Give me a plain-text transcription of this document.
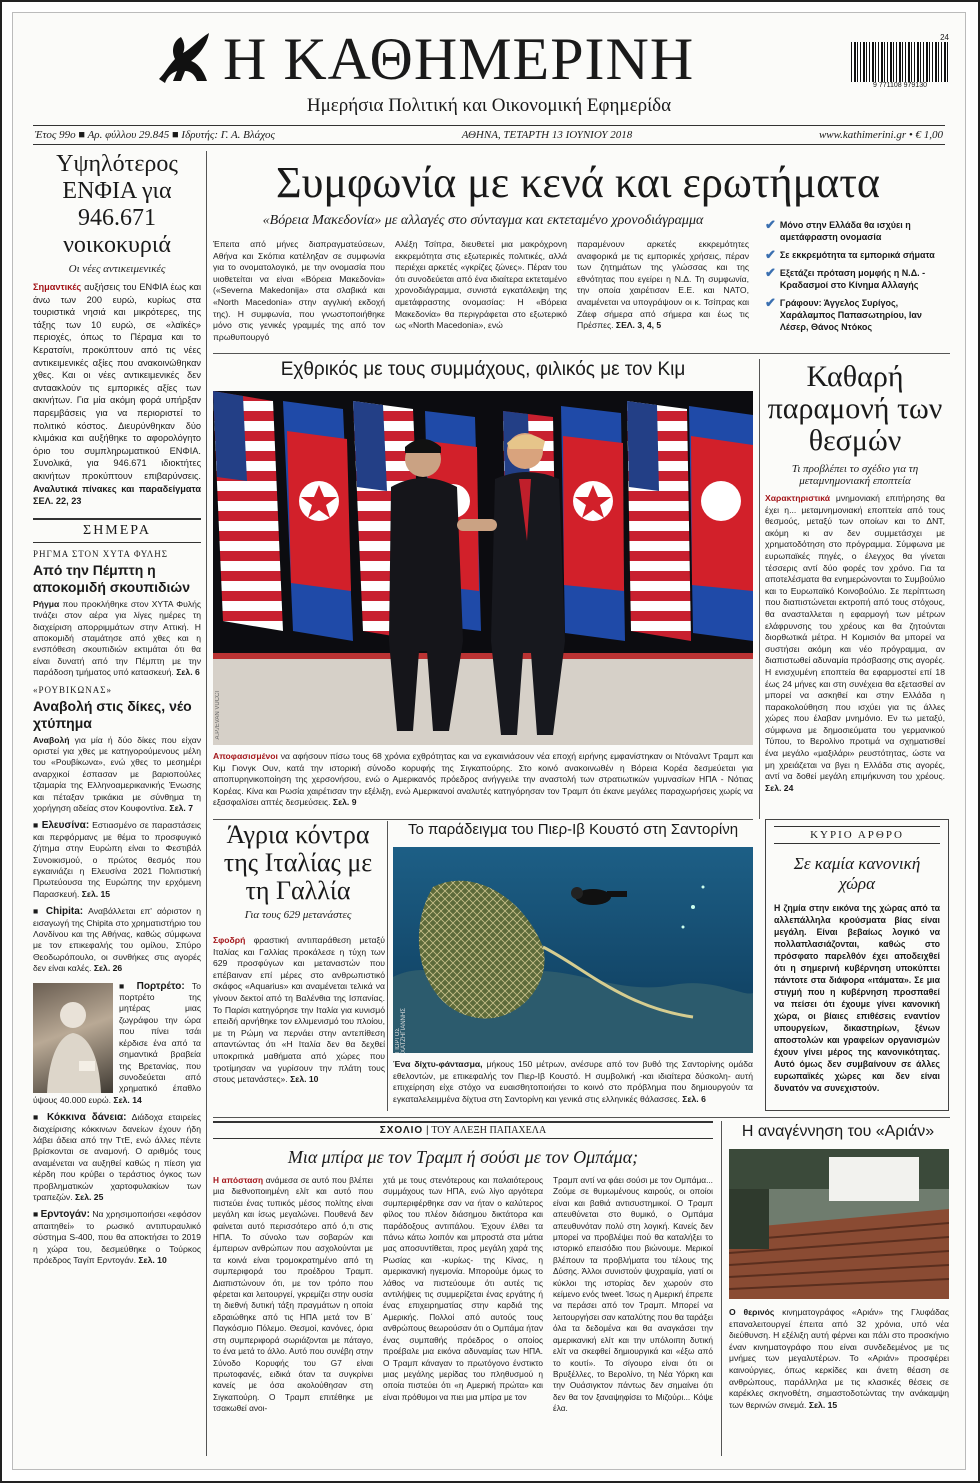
Η ΚΑΘΗΜΕΡΙΝΗ
Ημερήσια Πολιτική και Οικονομική Εφημερίδα
24
9 771108 979130
Έτος 99ο ■ Αρ. φύλλου 29.845 ■ Ιδρυτής: Γ. Α. Βλάχος	ΑΘΗΝΑ, ΤΕΤΑΡΤΗ 13 ΙΟΥΝΙΟΥ 2018	www.kathimerini.gr • € 1,00
Υψηλότερος ΕΝΦΙΑ για 946.671 νοικοκυριά
Οι νέες αντικειμενικές
Σημαντικές αυξήσεις του ΕΝΦΙΑ έως και άνω των 200 ευρώ, κυρίως στα τουριστικά νησιά και μικρότερες, της τάξης των 10 ευρώ, σε «λαϊκές» περιοχές, όπως το Πέραμα και το Κερατσίνι, προκύπτουν από τις νέες αντικειμενικές αξίες που ανακοινώθηκαν χθες. Και οι νέες αντικειμενικές δεν ανταακλούν τις εμπορικές αξίες των ακινήτων. Για μία ακόμη φορά υπήρξαν παρεμβάσεις για να περιοριστεί το πολιτικό κόστος. Διευρύνθηκαν δύο κλιμάκια και αυξήθηκε το αφορολόγητο όριο του συμπληρωματικού ΕΝΦΙΑ. Συνολικά, για 946.671 ιδιοκτήτες ακινήτων προκύπτουν επιβαρύνσεις. Αναλυτικά πίνακες και παραδείγματα ΣΕΛ. 22, 23
ΣΗΜΕΡΑ
ΡΗΓΜΑ ΣΤΟΝ ΧΥΤΑ ΦΥΛΗΣ
Από την Πέμπτη η αποκομιδή σκουπιδιών
Ρήγμα που προκλήθηκε στον ΧΥΤΑ Φυλής τινάζει στον αέρα για λίγες ημέρες τη διαχείριση απορριμμάτων στην Αττική. Η αποκομιδή σταμάτησε από χθες και η ενσπόθεση σκουπιδιών εκτιμάται ότι θα είναι δυνατή από την Πέμπτη με την παράδοση τμήματος υπό κατασκευή. Σελ. 6
«ΡΟΥΒΙΚΩΝΑΣ»
Αναβολή στις δίκες, νέο χτύπημα
Αναβολή για μία ή δύο δίκες που είχαν οριστεί για χθες με κατηγορούμενους μέλη του «Ρουβίκωνα», ενώ χθες το μεσημέρι αναρχικοί έσπασαν με βαριοπούλες τζαμαρία της Ελληνοαμερικανικής Ένωσης και πέταξαν τρικάκια με σύνθημα τη χορήγηση αδείας στον Κουφοντίνα. Σελ. 7
■ Ελευσίνα: Εστιασμένο σε παραστάσεις και περφόρμανς με θέμα το προσφυγικό ζήτημα στην Ευρώπη είναι το Φεστιβάλ Συνοικισμού, ο πρώτος θεσμός που εγκαινιάζει η Ελευσίνα 2021 Πολιτιστική Πρωτεύουσα της Ευρώπης την ερχόμενη Παρασκευή. Σελ. 15
■ Chipita: Αναβάλλεται επ' αόριστον η εισαγωγή της Chipita στο χρηματιστήριο του Λονδίνου και της Αθήνας, καθώς σύμφωνα με τον επικεφαλής του ομίλου, Σπύρο Θεοδωρόπουλο, οι συνθήκες στις αγορές δεν είναι καλές. Σελ. 26
■ Πορτρέτο: Το πορτρέτο της μητέρας μιας ζωγράφου την ώρα που πίνει τσάι κέρδισε ένα από τα σημαντικά βραβεία της Βρετανίας, που συνοδεύεται από χρηματικό έπαθλο ύψους 40.000 ευρώ. Σελ. 14
■ Κόκκινα δάνεια: Διάδοχα εταιρείες διαχείρισης κόκκινων δανείων έχουν ήδη λάβει άδεια από την ΤτΕ, ενώ άλλες πέντε βρίσκονται σε αναμονή. Ο αριθμός τους αναμένεται να αυξηθεί καθώς η πίεση για κέρδη που κρύβει ο τεράστιος όγκος των προβληματικών χαρτοφυλακίων των τραπεζών. Σελ. 25
■ Ερντογάν: Να χρησιμοποιήσει «εφόσον απαιτηθεί» το ρωσικό αντιπυραυλικό σύστημα S-400, που θα αποκτήσει το 2019 η χώρα του, δεσμεύθηκε ο Τούρκος πρόεδρος Ταγίπ Ερντογάν. Σελ. 10
Συμφωνία με κενά και ερωτήματα
«Βόρεια Μακεδονία» με αλλαγές στο σύνταγμα και εκτεταμένο χρονοδιάγραμμα
Έπειτα από μήνες διαπραγματεύσεων, Αθήνα και Σκόπια κατέληξαν σε συμφωνία για το ονοματολογικό, με την ονομασία που υιοθετείται να είναι «Βόρεια Μακεδονία» («Severna Makedonija» στα σλαβικά και «North Macedonia» στην αγγλική εκδοχή της). Η συμφωνία, που γνωστοποιήθηκε μόνο στις γενικές γραμμές της από τον πρωθυπουργό
Αλέξη Τσίπρα, διευθετεί μια μακρόχρονη εκκρεμότητα στις εξωτερικές πολιτικές, αλλά περιέχει αρκετές «γκρίζες ζώνες». Πέραν του ότι συνοδεύεται από ένα ιδιαίτερα εκτεταμένο χρονοδιάγραμμα, συνιστά εγκατάλειψη της αμετάφραστης ονομασίας: Η «Βόρεια Μακεδονία» θα περιγράφεται στο εξωτερικό ως «North Macedonia», ενώ
παραμένουν αρκετές εκκρεμότητες αναφορικά με τις εμπορικές χρήσεις, πέραν των ζητημάτων της γλώσσας και της εθνότητας που εγείρει η Ν.Δ. Τη συμφωνία, την οποία χαιρέτισαν Ε.Ε. και ΝΑΤΟ, αναμένεται να υπογράψουν οι κ. Τσίπρας και Ζάεφ σήμερα από σήμερα και έως τις Πρέσπες. ΣΕΛ. 3, 4, 5
✔ Μόνο στην Ελλάδα θα ισχύει η αμετάφραστη ονομασία
✔ Σε εκκρεμότητα τα εμπορικά σήματα
✔ Εξετάζει πρόταση μομφής η Ν.Δ. - Κραδασμοί στο Κίνημα Αλλαγής
✔ Γράφουν: Άγγελος Συρίγος, Χαράλαμπος Παπασωτηρίου, Ιαν Λέσερ, Θάνος Ντόκος
Εχθρικός με τους συμμάχους, φιλικός με τον Κιμ
A.P./EVAN VUCCI
Αποφασισμένοι να αφήσουν πίσω τους 68 χρόνια εχθρότητας και να εγκαινιάσουν νέα εποχή ειρήνης εμφανίστηκαν οι Ντόναλντ Τραμπ και Κιμ Γιονγκ Ουν, κατά την ιστορική σύνοδο κορυφής της Σιγκαπούρης. Στο κοινό ανακοινωθέν η Βόρεια Κορέα δεσμεύεται για αποπυρηνικοποίηση της χερσονήσου, ενώ ο Αμερικανός πρόεδρος ανήγγειλε την αναστολή των στρατιωτικών γυμνασίων ΗΠΑ - Νότιας Κορέας. Κίνα και Ρωσία χαιρέτισαν την εξέλιξη, ενώ Αμερικανοί αναλυτές κατηγόρησαν τον Τραμπ ότι έκανε μεγάλες παραχωρήσεις χωρίς να εξασφαλίσει απτές δεσμεύσεις. Σελ. 9
Καθαρή παραμονή των θεσμών
Τι προβλέπει το σχέδιο για τη μεταμνημονιακή εποπτεία
Χαρακτηριστικά μνημονιακή επιτήρησης θα έχει η... μεταμνημονιακή εποπτεία από τους θεσμούς, μεταξύ των οποίων και το ΔΝΤ, ακόμη κι αν δεν συμμετάσχει με χρηματοδότηση στο πρόγραμμα. Σύμφωνα με ευρωπαϊκές πηγές, ο έλεγχος θα γίνεται τέσσερις αντί δύο φορές τον χρόνο. Για τα αποτελέσματα θα ενημερώνονται το Συμβούλιο και το Ευρωπαϊκό Κοινοβούλιο. Σε περίπτωση που διαπιστώνεται εκτροπή από τους στόχους, θα ανασταλλεται η εφαρμογή των μέτρων ελάφρυνσης του χρέους και θα ζητούνται διορθωτικά μέτρα. Η Κομισιόν θα μπορεί να συστήσει ακόμη και νέο πρόγραμμα, αν διαπιστωθεί αδυναμία πρόσβασης στις αγορές. Η ενισχυμένη εποπτεία θα εφαρμοστεί επί 18 έως 24 μήνες και στη συνέχεια θα εξετασθεί αν μπορεί να ασκηθεί και στην Ελλάδα η παρακολούθηση που ισχύει για τις άλλες χώρες που έλαβαν μνημόνιο. Εν τω μεταξύ, σύμφωνα με δημοσιεύματα του γερμανικού Τύπου, το Βερολίνο προτιμά να σχηματισθεί ένα μεγάλο «μαξιλάρι» ρευστότητας, ώστε να μη χρειάζεται να βγει η Ελλάδα στις αγορές, αντί να δοθεί μεγάλη επιμήκυνση του χρέους. Σελ. 24
Άγρια κόντρα της Ιταλίας με τη Γαλλία
Για τους 629 μετανάστες
Σφοδρή φραστική αντιπαράθεση μεταξύ Ιταλίας και Γαλλίας προκάλεσε η τύχη των 629 προσφύγων και μεταναστών που επέβαιναν επί μέρες στο ανθρωπιστικό σκάφος «Aquarius» και αναμένεται τελικά να γίνουν δεκτοί από τη Βαλένθια της Ισπανίας. Το Παρίσι κατηγόρησε την Ιταλία για κυνισμό επειδή αρνήθηκε τον ελλιμενισμό του πλοίου, με τη Ρώμη να περνάει στην αντεπίθεση απαντώντας ότι «Η Ιταλία δεν θα δεχθεί υποκριτικά μαθήματα από χώρες που τροτίμησαν να γυρίσουν την πλάτη τους στους μετανάστες». Σελ. 10
Το παράδειγμα του Πιερ-Ιβ Κουστό στη Σαντορίνη
ΓΙΩΡΓΟΣ ΧΑΤΖΗΓΙΑΝΝΗΣ
Ένα δίχτυ-φάντασμα, μήκους 150 μέτρων, ανέσυρε από τον βυθό της Σαντορίνης ομάδα εθελοντών, με επικεφαλής τον Πιερ-Ιβ Κουστό. Η συμβολική -και ιδιαίτερα δύσκολη- αυτή επιχείρηση είχε στόχο να ευαισθητοποιήσει το κοινό στο πρόβλημα που δημιουργούν τα εγκαταλελειμμένα δίχτυα στη Σαντορίνη και γενικά στις ελληνικές θάλασσες. Σελ. 6
ΚΥΡΙΟ ΑΡΘΡΟ
Σε καμία κανονική χώρα
Η ζημία στην εικόνα της χώρας από τα αλλεπάλληλα κρούσματα βίας είναι μεγάλη. Είναι βεβαίως λογικό να πολλαπλασιάζονται, καθώς στο πρόσφατο παρελθόν έχει αποδειχθεί ότι η σημερινή κυβέρνηση υποκύπτει πάντοτε στα διάφορα «ιτάματα». Σε μια στιγμή που η κυβέρνηση προσπαθεί να πείσει ότι έχουμε γίνει κανονική χώρα, οι βίαιες επιθέσεις εναντίον υπουργείων, δικαστηρίων, ξένων αποστολών και γραφείων οργανισμών έχουν γίνει μέρος της κανονικότητας. Αυτό όμως δεν συμβαίνουν σε άλλες ευρωπαϊκές χώρες και δεν είναι δυνατόν να συνεχιστούν.
ΣΧΟΛΙΟ | ΤΟΥ ΑΛΕΞΗ ΠΑΠΑΧΕΛΑ
Μια μπίρα με τον Τραμπ ή σούσι με τον Ομπάμα;
Η απόσταση ανάμεσα σε αυτό που βλέπει μια διεθνοποιημένη ελίτ και αυτό που πιστεύει ένας τυπικός μέσος πολίτης είναι μεγάλη και ίσως μεγαλώνει. Πουθενά δεν φαίνεται αυτό περισσότερο από ό,τι στις ΗΠΑ. Το σύνολο των σοβαρών και έμπειρων ανθρώπων που ασχολούνται με τα κοινά είναι τρομοκρατημένο από τη συμπεριφορά του προέδρου Τραμπ. Διαπιστώνουν ότι, με τον τρόπο που φέρεται και λειτουργεί, γκρεμίζει στην ουσία τη διεθνή δυτική τάξη πραγμάτων η οποία εδραιώθηκε από τις ΗΠΑ μετά τον Β΄ Παγκόσμιο Πόλεμο. Θεσμοί, κανόνες, όρια στη συμπεριφορά σωριάζονται με πάταγο, το ένα μετά το άλλο. Αυτό που συνέβη στην Σύνοδο Κορυφής του G7 είναι πρωτοφανές, ειδικά όταν τα συγκρίνει κανείς με όσα ακολούθησαν στη Σιγκαπούρη. Ο Τραμπ επιτέθηκε με τσακωθεί ανοι-
χτά με τους στενότερους και παλαιότερους συμμάχους των ΗΠΑ, ενώ λίγο αργότερα συμπεριφέρθηκε σαν να ήταν ο καλύτερος φίλος του πλέον διάσημου δικτάτορα και παράδοξους αντιπάλου. Έχουν έλθει τα πάνω κάτω λοιπόν και μπροστά στα μάτια μας αποσυντίθεται, προς μεγάλη χαρά της Ρωσίας και -κυρίως- της Κίνας, η αμερικανική ηγεμονία. Μπορούμε όμως το λάθος να πιστεύουμε ότι αυτές τις αντιλήψεις τις συμμερίζεται ένας εργάτης ή ένας επιχειρηματίας στην καρδιά της Αμερικής. Πολλοί από αυτούς τους ανθρώπους θεωρούσαν ότι ο Ομπάμα ήταν ένας συμπαθής πρόεδρος ο οποίος προέβαλε μια εικόνα αδυναμίας των ΗΠΑ. Ο Τραμπ κάναγαν το πρωτόγονο ένστικτο μιας μεγάλης μερίδας του πληθυσμού η οποία πιστεύει ότι «η Αμερική πρώτα» και είναι πρόθυμοι να πιει μια μπίρα με τον
Τραμπ αντί να φάει σούσι με τον Ομπάμα... Ζούμε σε θυμωμένους καιρούς, οι οποίοι είναι και βαθιά αντισυστημικοί. Ο Τραμπ απευθύνεται στο θυμικό, ο Ομπάμα απευθυνόταν πολύ στη λογική. Κανείς δεν μπορεί να προβλέψει πού θα καταλήξει το ιστορικό επεισόδιο που βιώνουμε. Μερικοί βλέπουν τα προβλήματα του τέλους της Δύσης. Άλλοι συνιστούν ψυχραιμία, γιατί οι κύκλοι της ιστορίας δεν χωρούν στο κείμενο ενός tweet. Ίσως η Αμερική έπρεπε να περάσει από τον Τραμπ. Μπορεί να λειτουργήσει σαν καταλύτης που θα ταράξει όλα τα δεδομένα και θα αναγκάσει την αμερικανική ελίτ και την υπόλοιπη δυτική ελίτ να σκεφθεί δημιουργικά και «έξω από το κουτί». Το σίγουρο είναι ότι οι Βρυξέλλες, το Βερολίνο, τη Νέα Υόρκη και την Ουάσιγκτον πάντως δεν σημαίνει ότι δεν θα τον ξαναψηφίσει το Μιζούρι... Κόψε έλα.
Η αναγέννηση του «Αριάν»
Ο θερινός κινηματογράφος «Αριάν» της Γλυφάδας επαναλειτουργεί έπειτα από 32 χρόνια, υπό νέα διεύθυνση. Η εξέλιξη αυτή φέρνει και πάλι στο προσκήνιο έναν κινηματογράφο που είναι συνδεδεμένος με τις μνήμες των μεγαλυτέρων. Το «Αριάν» προσφέρει καινούργιες, όπως κερκίδες και άνετη θέαση σε ανθρώπους, παράλληλα με τις κλασικές θέσεις σε καρέκλες σκηνοθέτη, σημαστοδοτώντας την ανάκαμψη των θερινών σινεμά. Σελ. 15
